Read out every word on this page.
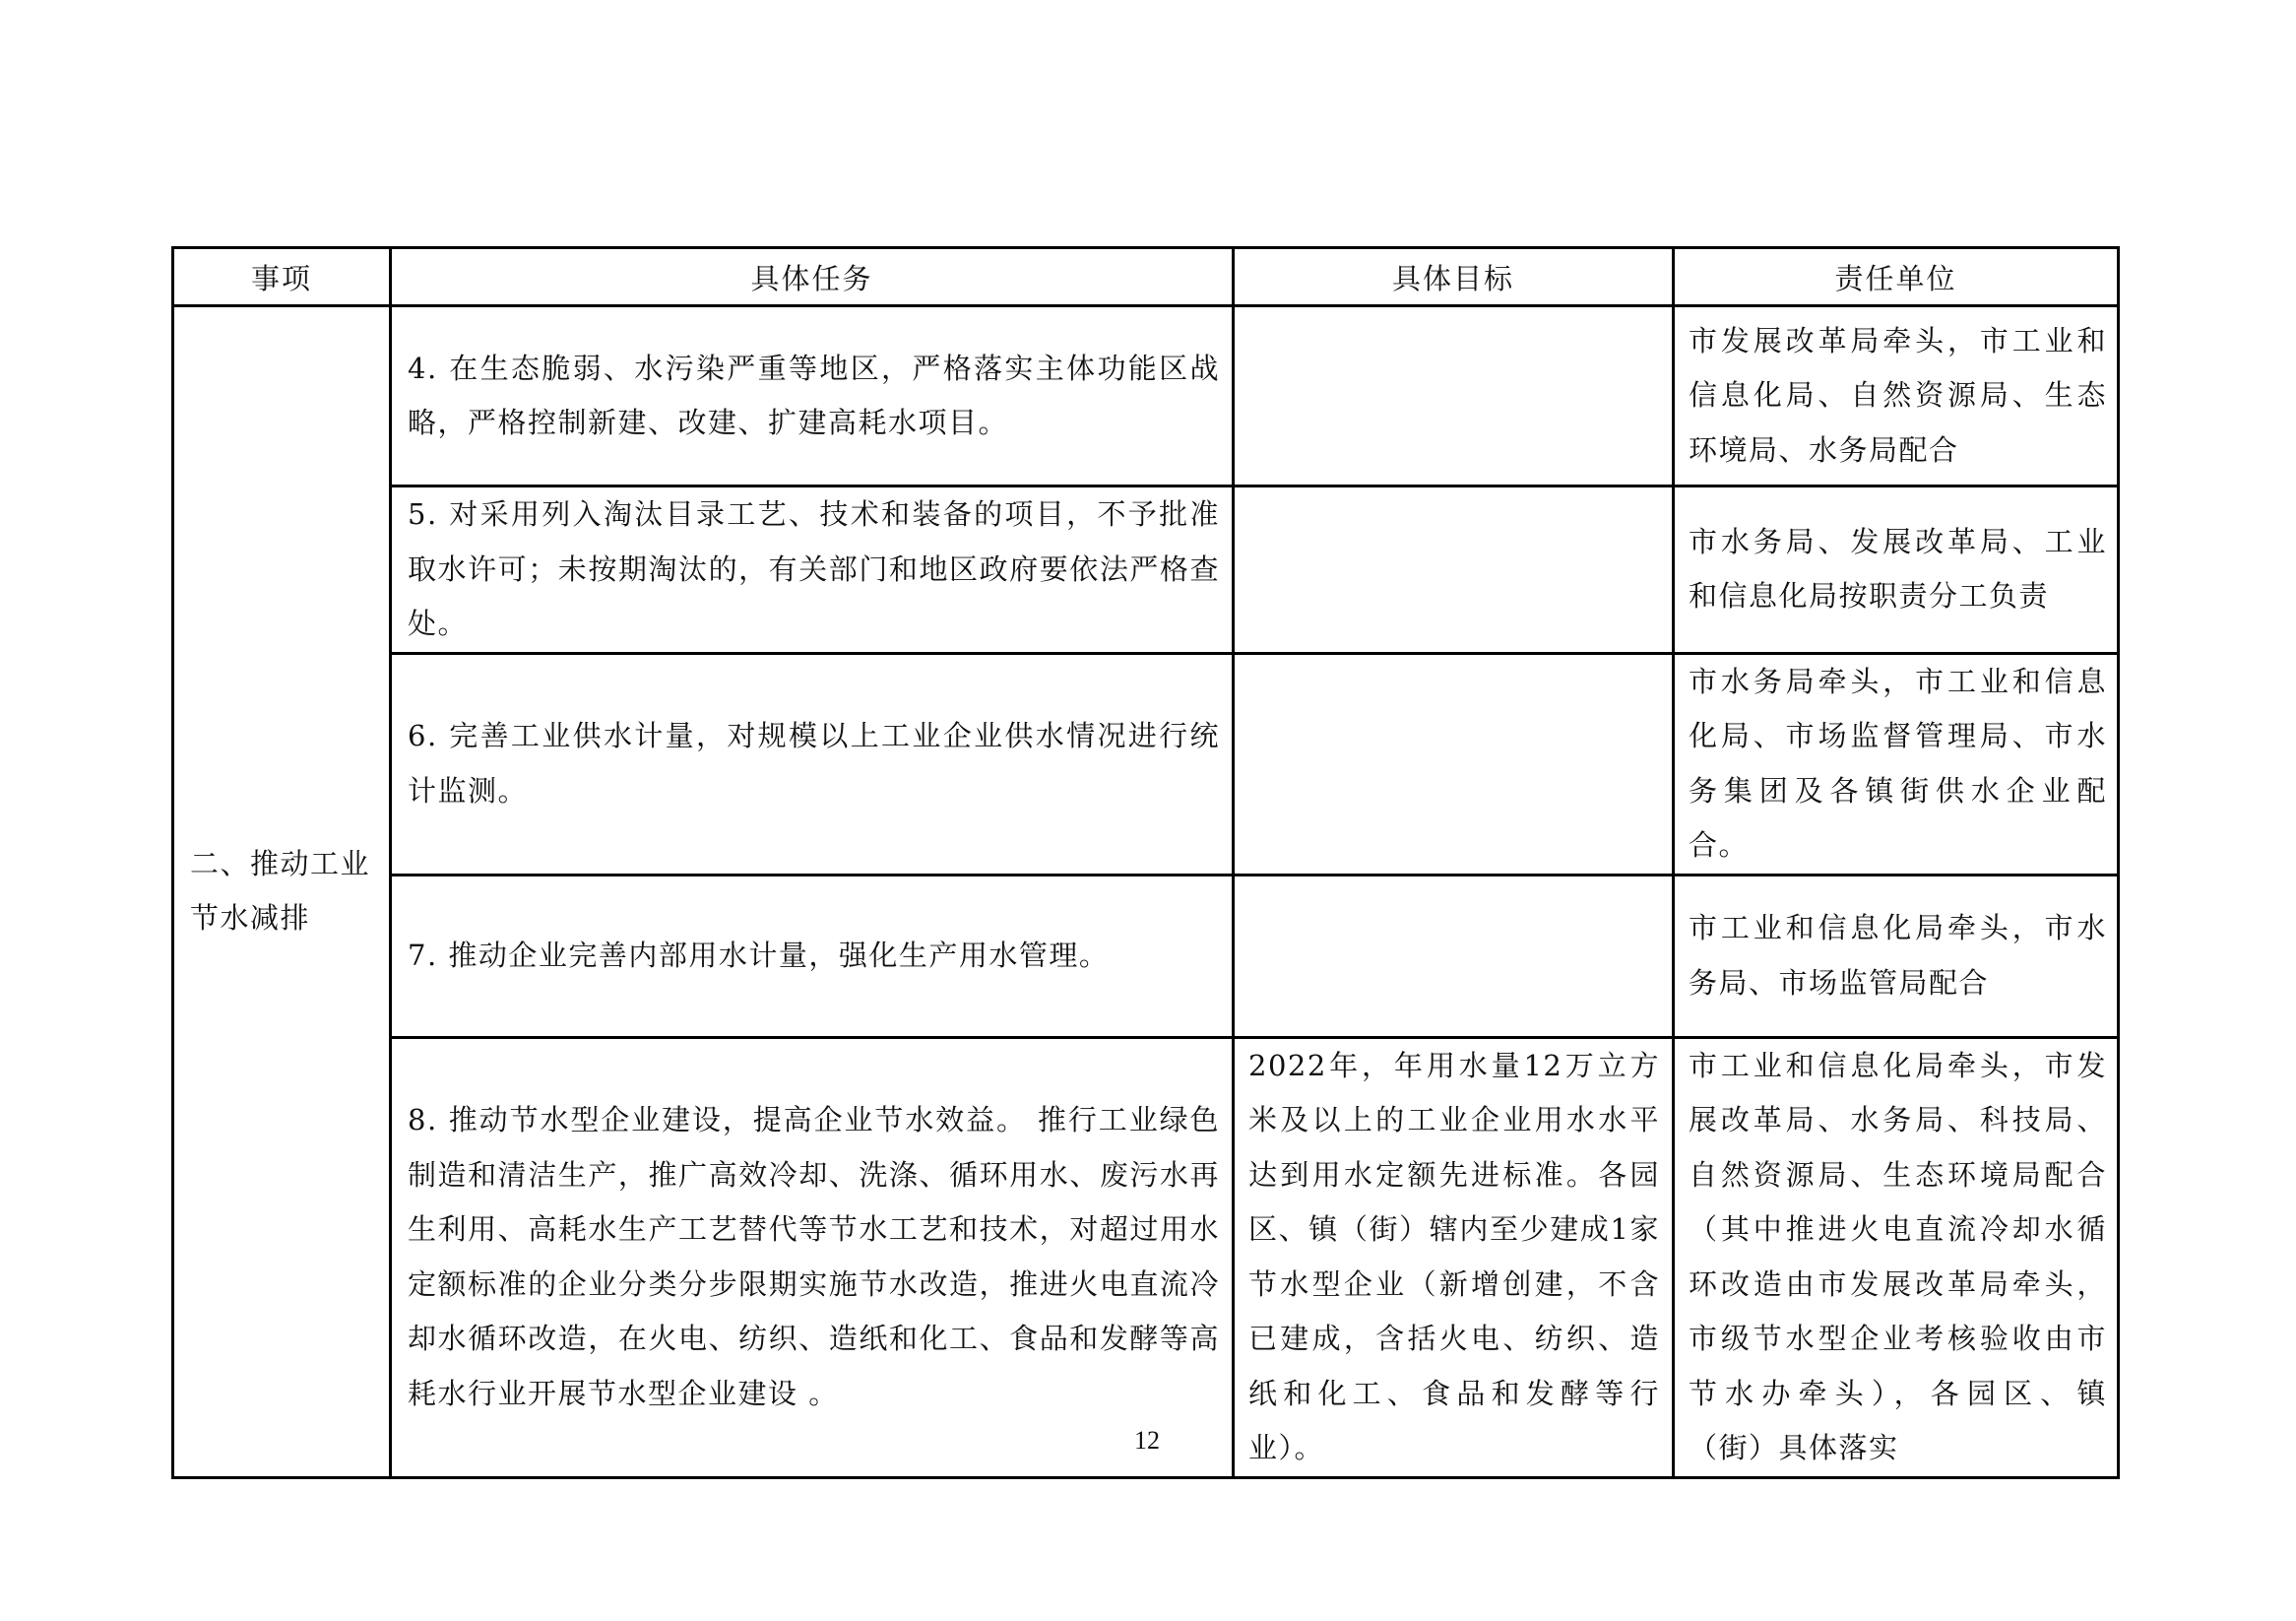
事项	具体任务	具体目标	责任单位

二、推动工业节水减排	4. 在生态脆弱、水污染严重等地区，严格落实主体功能区战略，严格控制新建、改建、扩建高耗水项目。		市发展改革局牵头，市工业和信息化局、自然资源局、生态环境局、水务局配合

	5. 对采用列入淘汰目录工艺、技术和装备的项目，不予批准取水许可；未按期淘汰的，有关部门和地区政府要依法严格查处。		市水务局、发展改革局、工业和信息化局按职责分工负责

	6. 完善工业供水计量，对规模以上工业企业供水情况进行统计监测。		市水务局牵头，市工业和信息化局、市场监督管理局、市水务集团及各镇街供水企业配合。

	7. 推动企业完善内部用水计量，强化生产用水管理。		市工业和信息化局牵头，市水务局、市场监管局配合

	8. 推动节水型企业建设，提高企业节水效益。 推行工业绿色制造和清洁生产，推广高效冷却、洗涤、循环用水、废污水再生利用、高耗水生产工艺替代等节水工艺和技术，对超过用水定额标准的企业分类分步限期实施节水改造，推进火电直流冷却水循环改造，在火电、纺织、造纸和化工、食品和发酵等高耗水行业开展节水型企业建设 。	2022年，年用水量12万立方米及以上的工业企业用水水平达到用水定额先进标准。各园区、镇（街）辖内至少建成1家节水型企业（新增创建，不含已建成，含括火电、纺织、造纸和化工、食品和发酵等行业）。	市工业和信息化局牵头，市发展改革局、水务局、科技局、自然资源局、生态环境局配合（其中推进火电直流冷却水循环改造由市发展改革局牵头，市级节水型企业考核验收由市节水办牵头），各园区、镇（街）具体落实
12
